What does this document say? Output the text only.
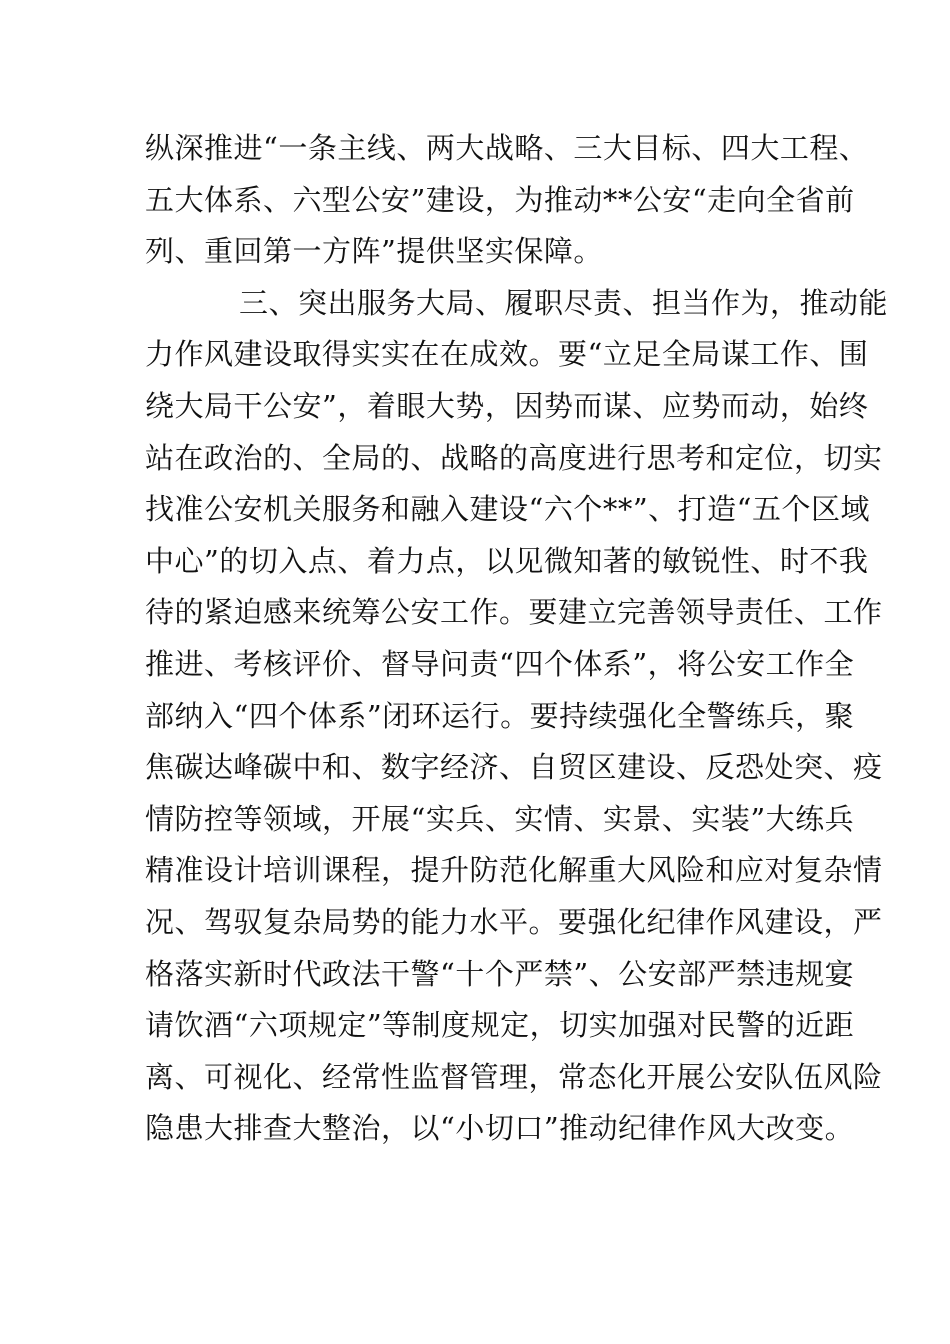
纵深推进“一条主线、两大战略、三大目标、四大工程、
五大体系、六型公安”建设，为推动**公安“走向全省前
列、重回第一方阵”提供坚实保障。
三、突出服务大局、履职尽责、担当作为，推动能
力作风建设取得实实在在成效。要“立足全局谋工作、围
绕大局干公安”，着眼大势，因势而谋、应势而动，始终
站在政治的、全局的、战略的高度进行思考和定位，切实
找准公安机关服务和融入建设“六个**”、打造“五个区域
中心”的切入点、着力点，以见微知著的敏锐性、时不我
待的紧迫感来统筹公安工作。要建立完善领导责任、工作
推进、考核评价、督导问责“四个体系”，将公安工作全
部纳入“四个体系”闭环运行。要持续强化全警练兵，聚
焦碳达峰碳中和、数字经济、自贸区建设、反恐处突、疫
情防控等领域，开展“实兵、实情、实景、实装”大练兵
精准设计培训课程，提升防范化解重大风险和应对复杂情
况、驾驭复杂局势的能力水平。要强化纪律作风建设，严
格落实新时代政法干警“十个严禁”、公安部严禁违规宴
请饮酒“六项规定”等制度规定，切实加强对民警的近距
离、可视化、经常性监督管理，常态化开展公安队伍风险
隐患大排查大整治，以“小切口”推动纪律作风大改变。
